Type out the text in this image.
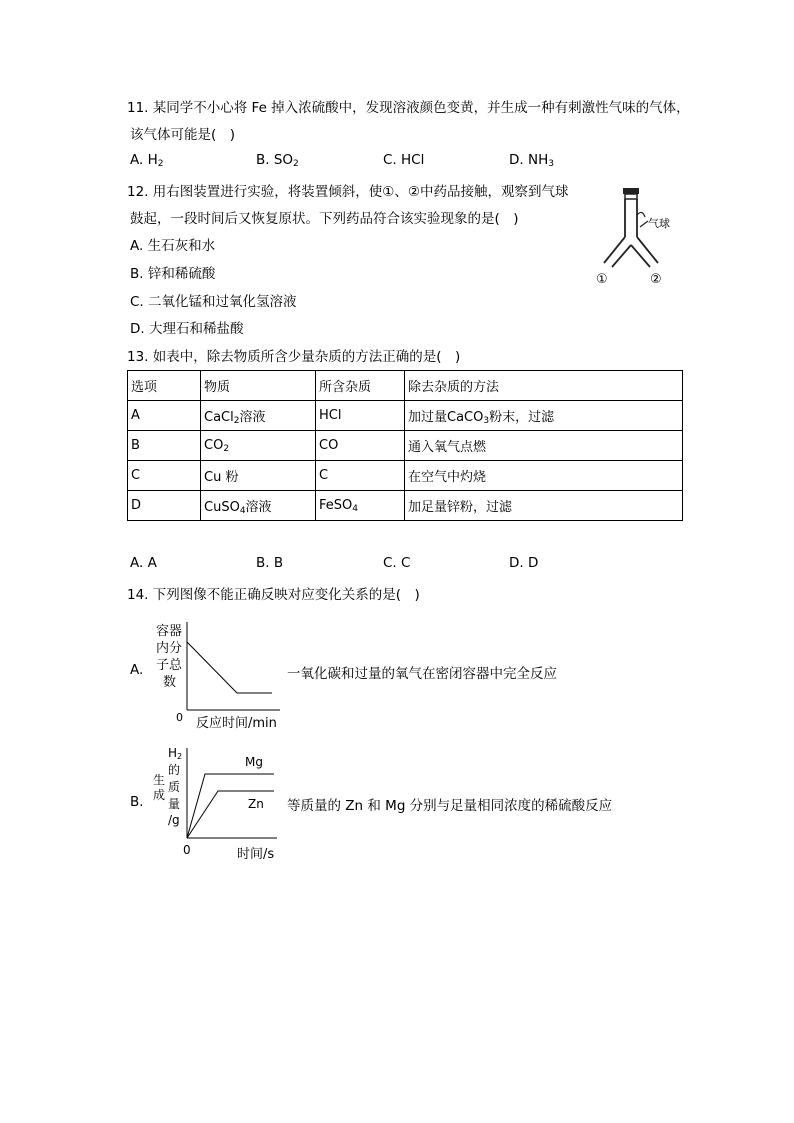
11. 某同学不小心将 Fe 掉入浓硫酸中，发现溶液颜色变黄，并生成一种有刺激性气味的气体，
该气体可能是(　)
A. $H_2$	B. $SO_2$	C. HCl	D. $NH_3$
12. 用右图装置进行实验，将装置倾斜，使①、②中药品接触，观察到气球
鼓起，一段时间后又恢复原状。下列药品符合该实验现象的是(　)
A. 生石灰和水
B. 锌和稀硫酸
C. 二氧化锰和过氧化氢溶液
D. 大理石和稀盐酸
气球
①	②
13. 如表中，除去物质所含少量杂质的方法正确的是(　)
选项	物质	所含杂质	除去杂质的方法
A	CaCl$_2$溶液	HCl	加过量CaCO$_3$粉末，过滤
B	$CO_2$	CO	通入氧气点燃
C	Cu 粉	C	在空气中灼烧
D	CuSO$_4$溶液	FeSO$_4$	加足量锌粉，过滤
A. A	B. B	C. C	D. D
14. 下列图像不能正确反映对应变化关系的是(　)
A.
容器
内分
子总
数
0 反应时间/min
一氧化碳和过量的氧气在密闭容器中完全反应
B.
生
成
H2
的
质
量
/g
Mg
Zn
0	时间/s
等质量的 Zn 和 Mg 分别与足量相同浓度的稀硫酸反应
